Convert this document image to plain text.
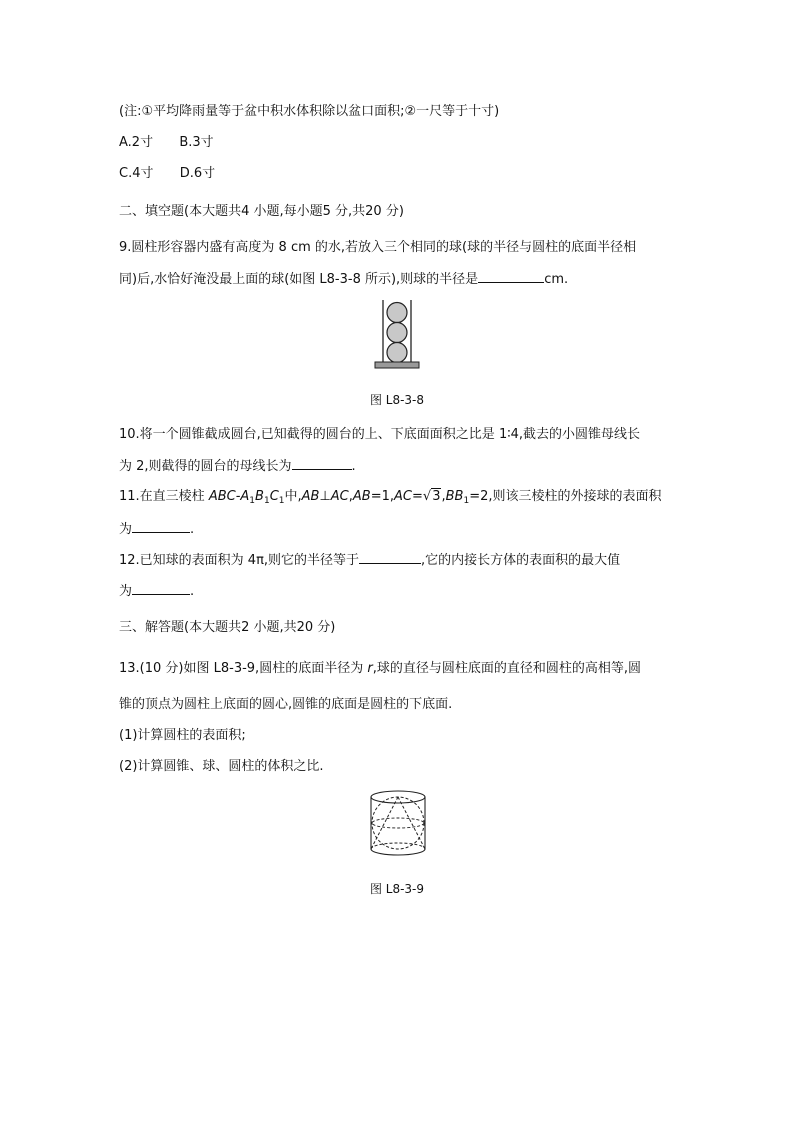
(注:①平均降雨量等于盆中积水体积除以盆口面积;②一尺等于十寸)
A.2寸 B.3寸
C.4寸 D.6寸
二、填空题(本大题共4 小题,每小题5 分,共20 分)
9.圆柱形容器内盛有高度为 8 cm 的水,若放入三个相同的球(球的半径与圆柱的底面半径相
同)后,水恰好淹没最上面的球(如图 L8-3-8 所示),则球的半径是	cm.
图 L8-3-8
10.将一个圆锥截成圆台,已知截得的圆台的上、下底面面积之比是 1∶4,截去的小圆锥母线长
为 2,则截得的圆台的母线长为	.
11.在直三棱柱 ABC-$A_1B_1C_1$中$,AB\perp AC,AB=1,AC=√3,BB_1=2$,则该三棱柱的外接球的表面积
为	.
12.已知球的表面积为 4π,则它的半径等于	,它的内接长方体的表面积的最大值
为	.
三、解答题(本大题共2 小题,共20 分)
13.(10 分)如图 L8-3-9,圆柱的底面半径为 r,球的直径与圆柱底面的直径和圆柱的高相等,圆
锥的顶点为圆柱上底面的圆心,圆锥的底面是圆柱的下底面.
(1)计算圆柱的表面积;
(2)计算圆锥、球、圆柱的体积之比.
图 L8-3-9
